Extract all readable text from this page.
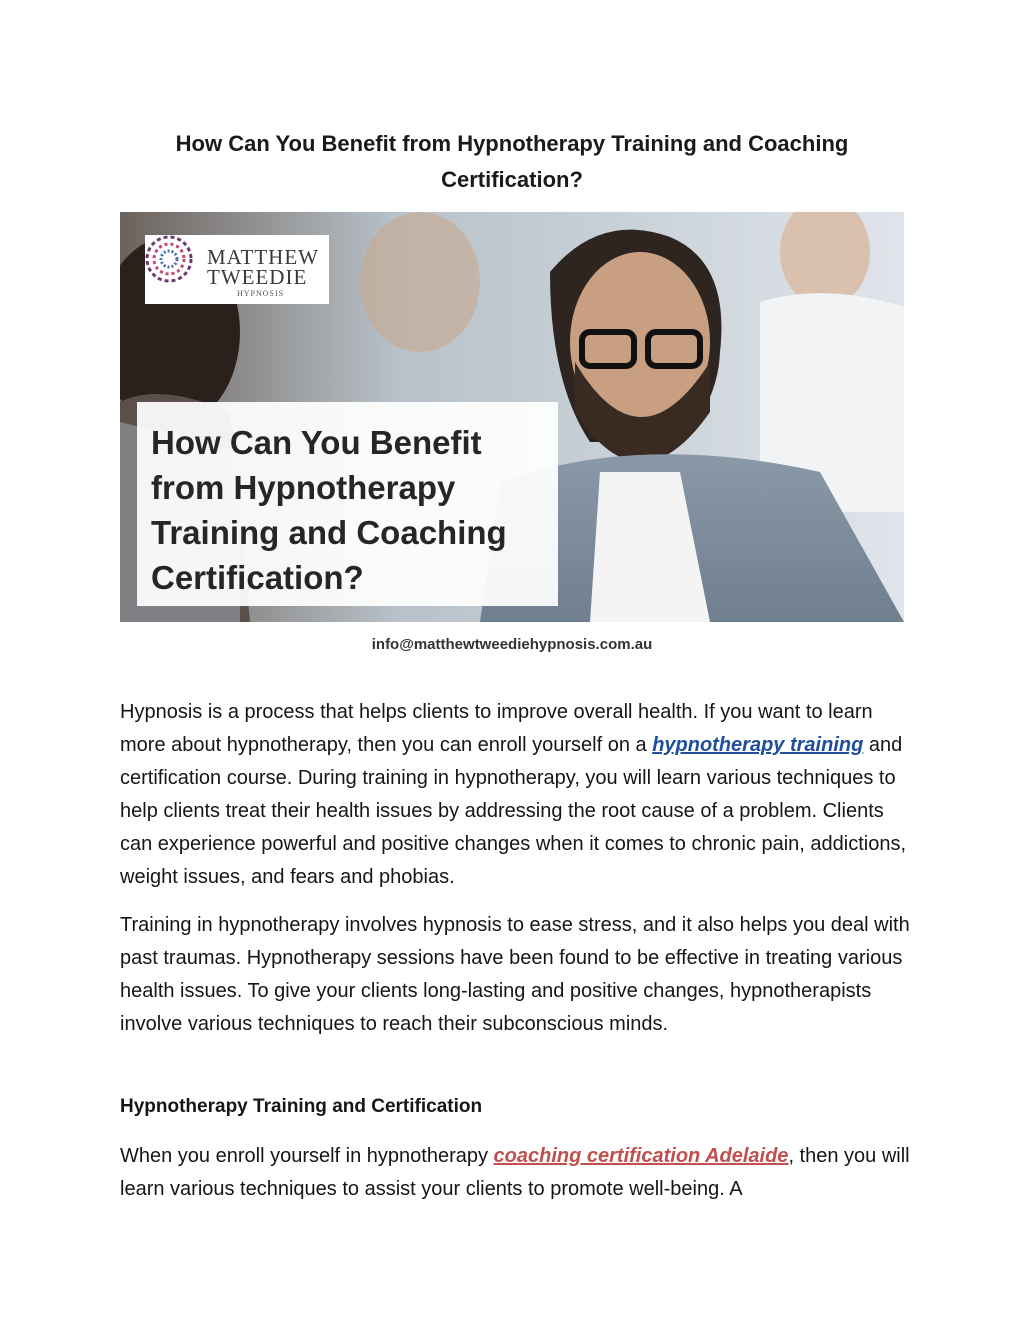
How Can You Benefit from Hypnotherapy Training and Coaching
Certification?
MATTHEW
TWEEDIE
HYPNOSIS
How Can You Benefit
from Hypnotherapy
Training and Coaching
Certification?
info@matthewtweediehypnosis.com.au
Hypnosis is a process that helps clients to improve overall health. If you want to learn more about hypnotherapy, then you can enroll yourself on a hypnotherapy training and certification course. During training in hypnotherapy, you will learn various techniques to help clients treat their health issues by addressing the root cause of a problem. Clients can experience powerful and positive changes when it comes to chronic pain, addictions, weight issues, and fears and phobias.
Training in hypnotherapy involves hypnosis to ease stress, and it also helps you deal with past traumas. Hypnotherapy sessions have been found to be effective in treating various health issues. To give your clients long-lasting and positive changes, hypnotherapists involve various techniques to reach their subconscious minds.
Hypnotherapy Training and Certification
When you enroll yourself in hypnotherapy coaching certification Adelaide, then you will learn various techniques to assist your clients to promote well-being. A
